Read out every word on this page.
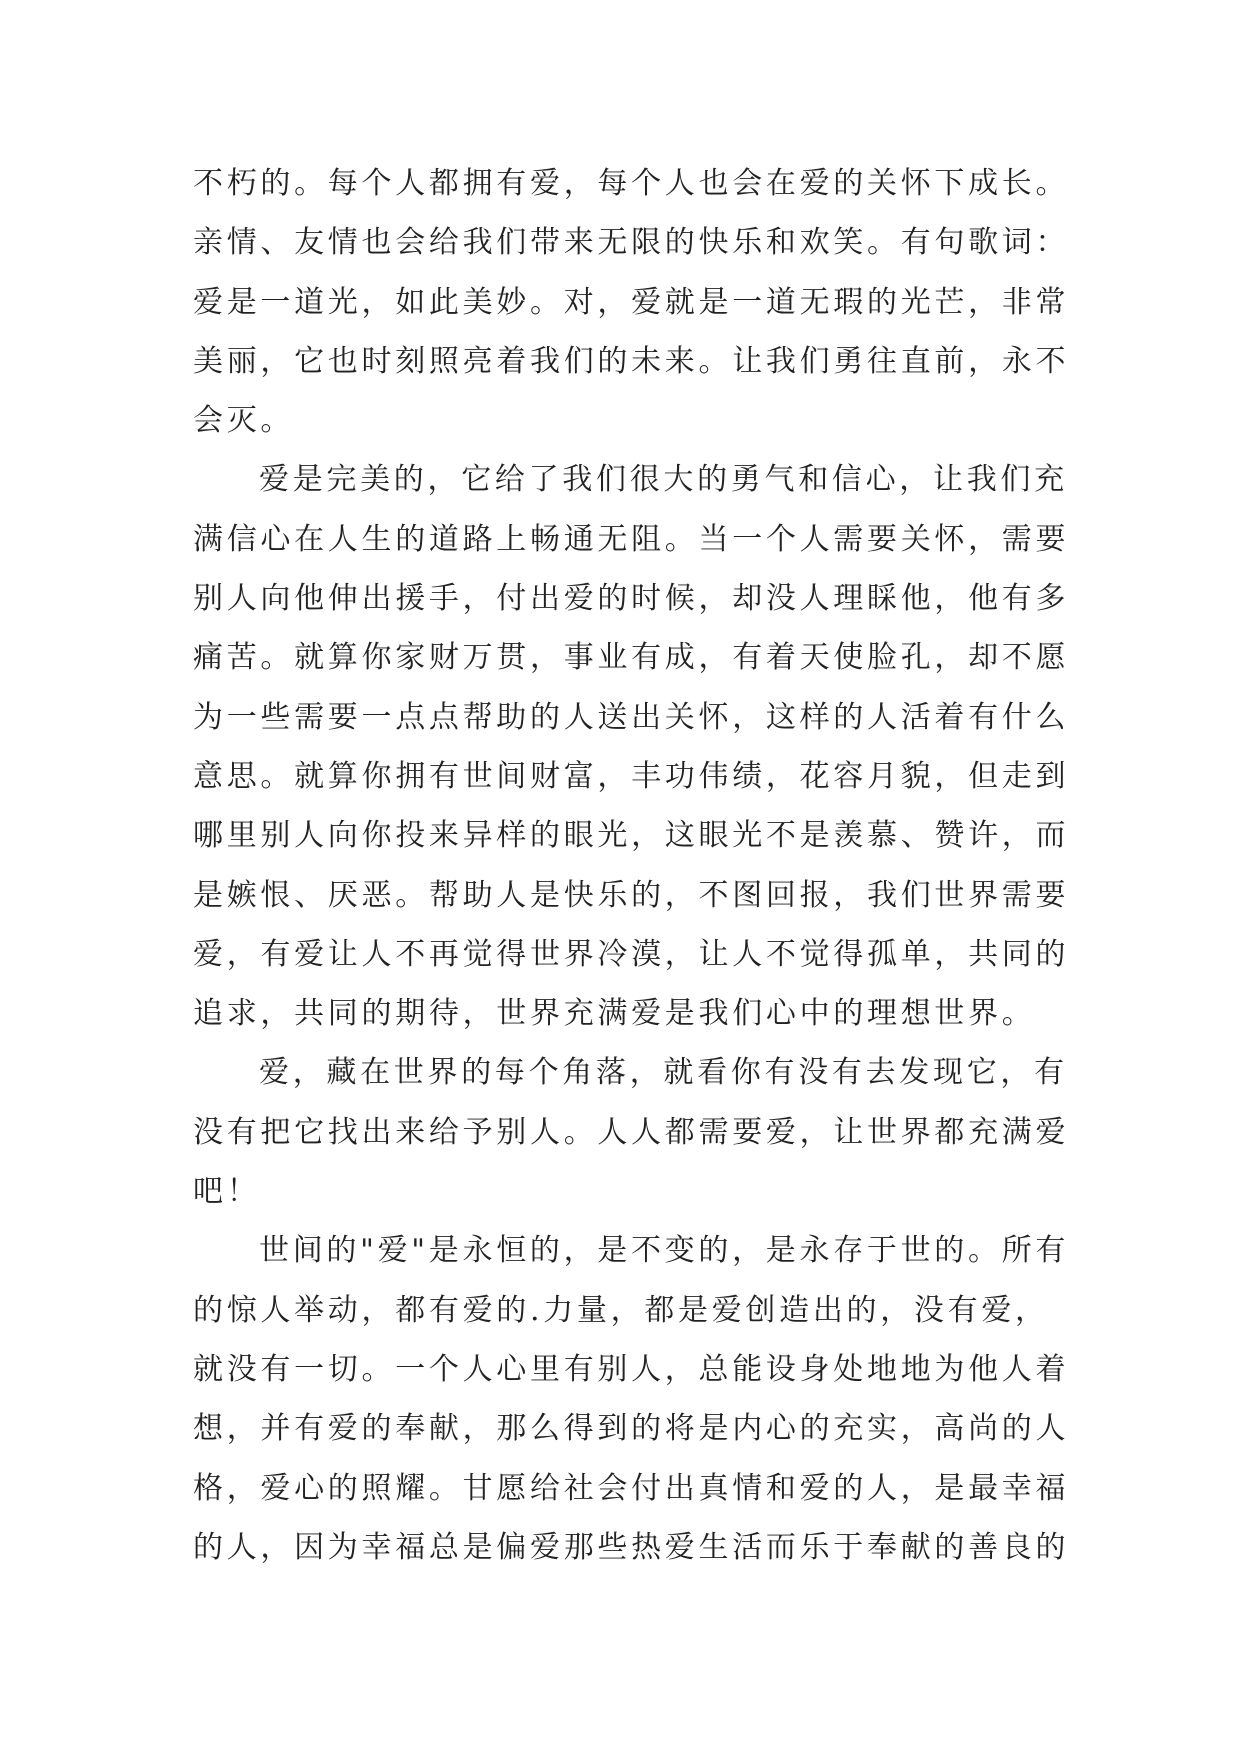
不朽的。每个人都拥有爱，每个人也会在爱的关怀下成长。
亲情、友情也会给我们带来无限的快乐和欢笑。有句歌词：
爱是一道光，如此美妙。对，爱就是一道无瑕的光芒，非常
美丽，它也时刻照亮着我们的未来。让我们勇往直前，永不
会灭。
爱是完美的，它给了我们很大的勇气和信心，让我们充
满信心在人生的道路上畅通无阻。当一个人需要关怀，需要
别人向他伸出援手，付出爱的时候，却没人理睬他，他有多
痛苦。就算你家财万贯，事业有成，有着天使脸孔，却不愿
为一些需要一点点帮助的人送出关怀，这样的人活着有什么
意思。就算你拥有世间财富，丰功伟绩，花容月貌，但走到
哪里别人向你投来异样的眼光，这眼光不是羡慕、赞许，而
是嫉恨、厌恶。帮助人是快乐的，不图回报，我们世界需要
爱，有爱让人不再觉得世界冷漠，让人不觉得孤单，共同的
追求，共同的期待，世界充满爱是我们心中的理想世界。
爱，藏在世界的每个角落，就看你有没有去发现它，有
没有把它找出来给予别人。人人都需要爱，让世界都充满爱
吧！
世间的"爱"是永恒的，是不变的，是永存于世的。所有
的惊人举动，都有爱的.力量，都是爱创造出的，没有爱，
就没有一切。一个人心里有别人，总能设身处地地为他人着
想，并有爱的奉献，那么得到的将是内心的充实，高尚的人
格，爱心的照耀。甘愿给社会付出真情和爱的人，是最幸福
的人，因为幸福总是偏爱那些热爱生活而乐于奉献的善良的
